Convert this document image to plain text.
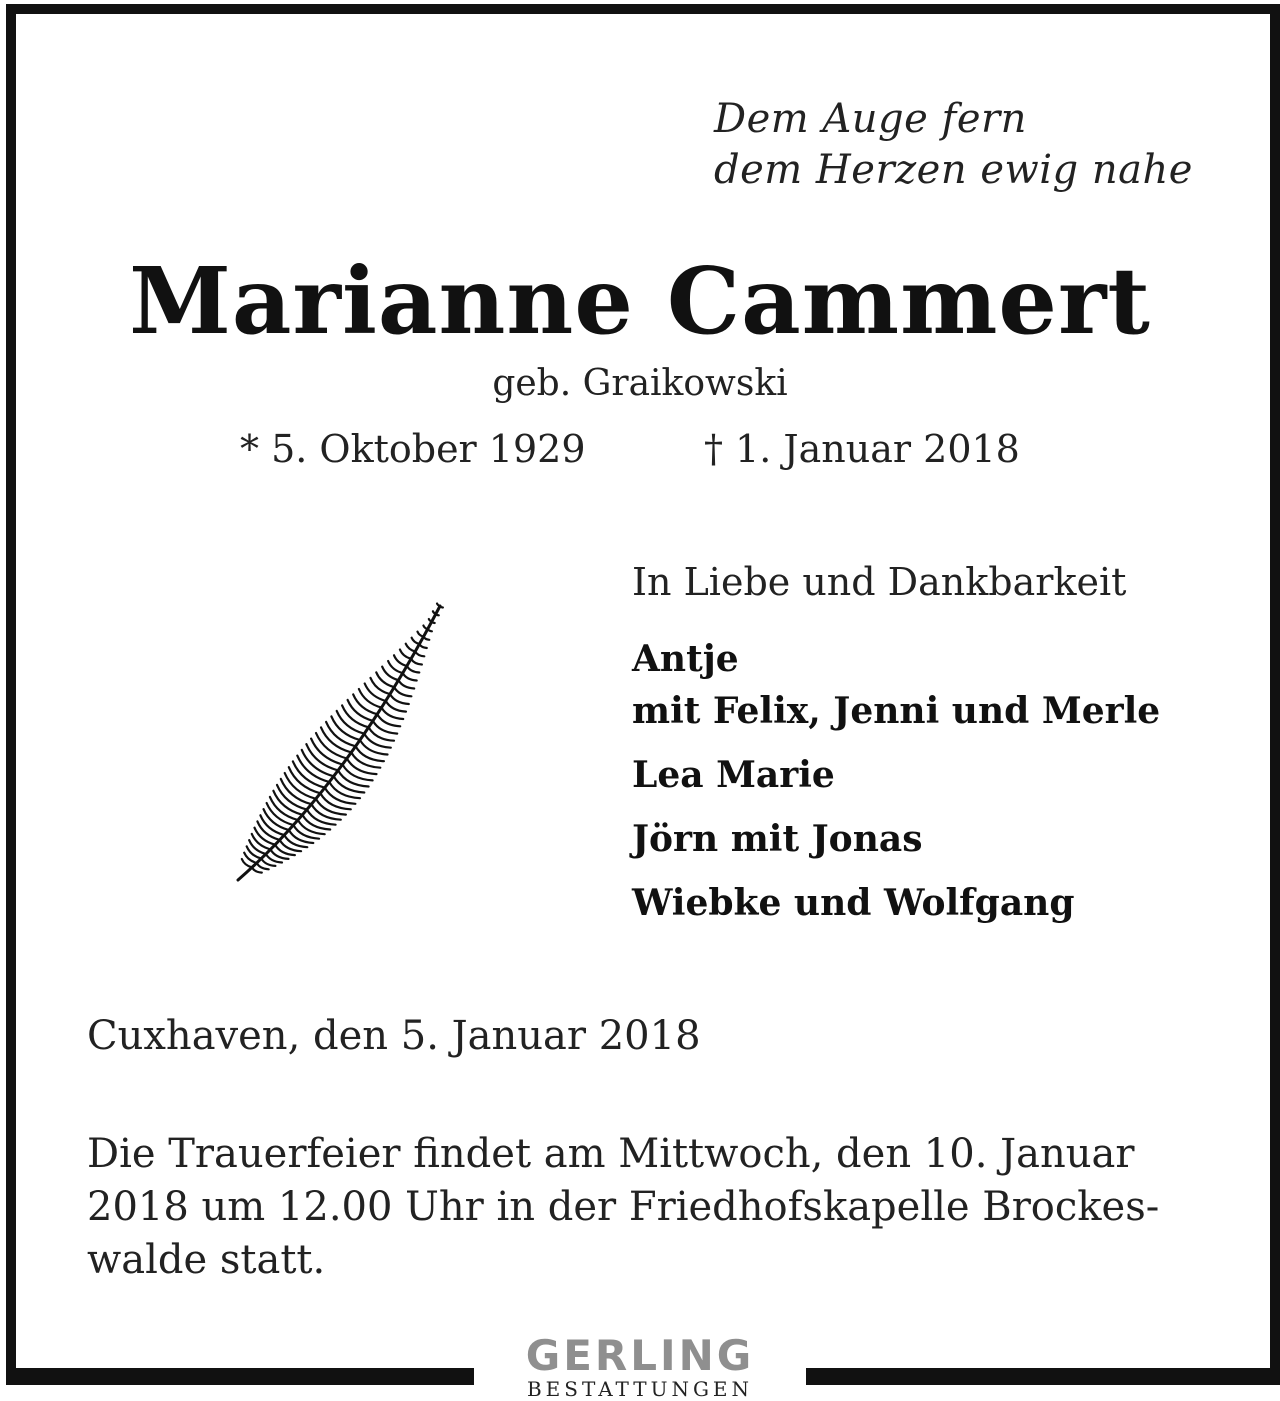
Dem Auge fern
dem Herzen ewig nahe
Marianne Cammert
geb. Graikowski
* 5. Oktober 1929	† 1. Januar 2018
In Liebe und Dankbarkeit
Antje
mit Felix, Jenni und Merle
Lea Marie
Jörn mit Jonas
Wiebke und Wolfgang
Cuxhaven, den 5. Januar 2018
Die Trauerfeier findet am Mittwoch, den 10. Januar
2018 um 12.00 Uhr in der Friedhofskapelle Brockes-
walde statt.
GERLING
BESTATTUNGEN
